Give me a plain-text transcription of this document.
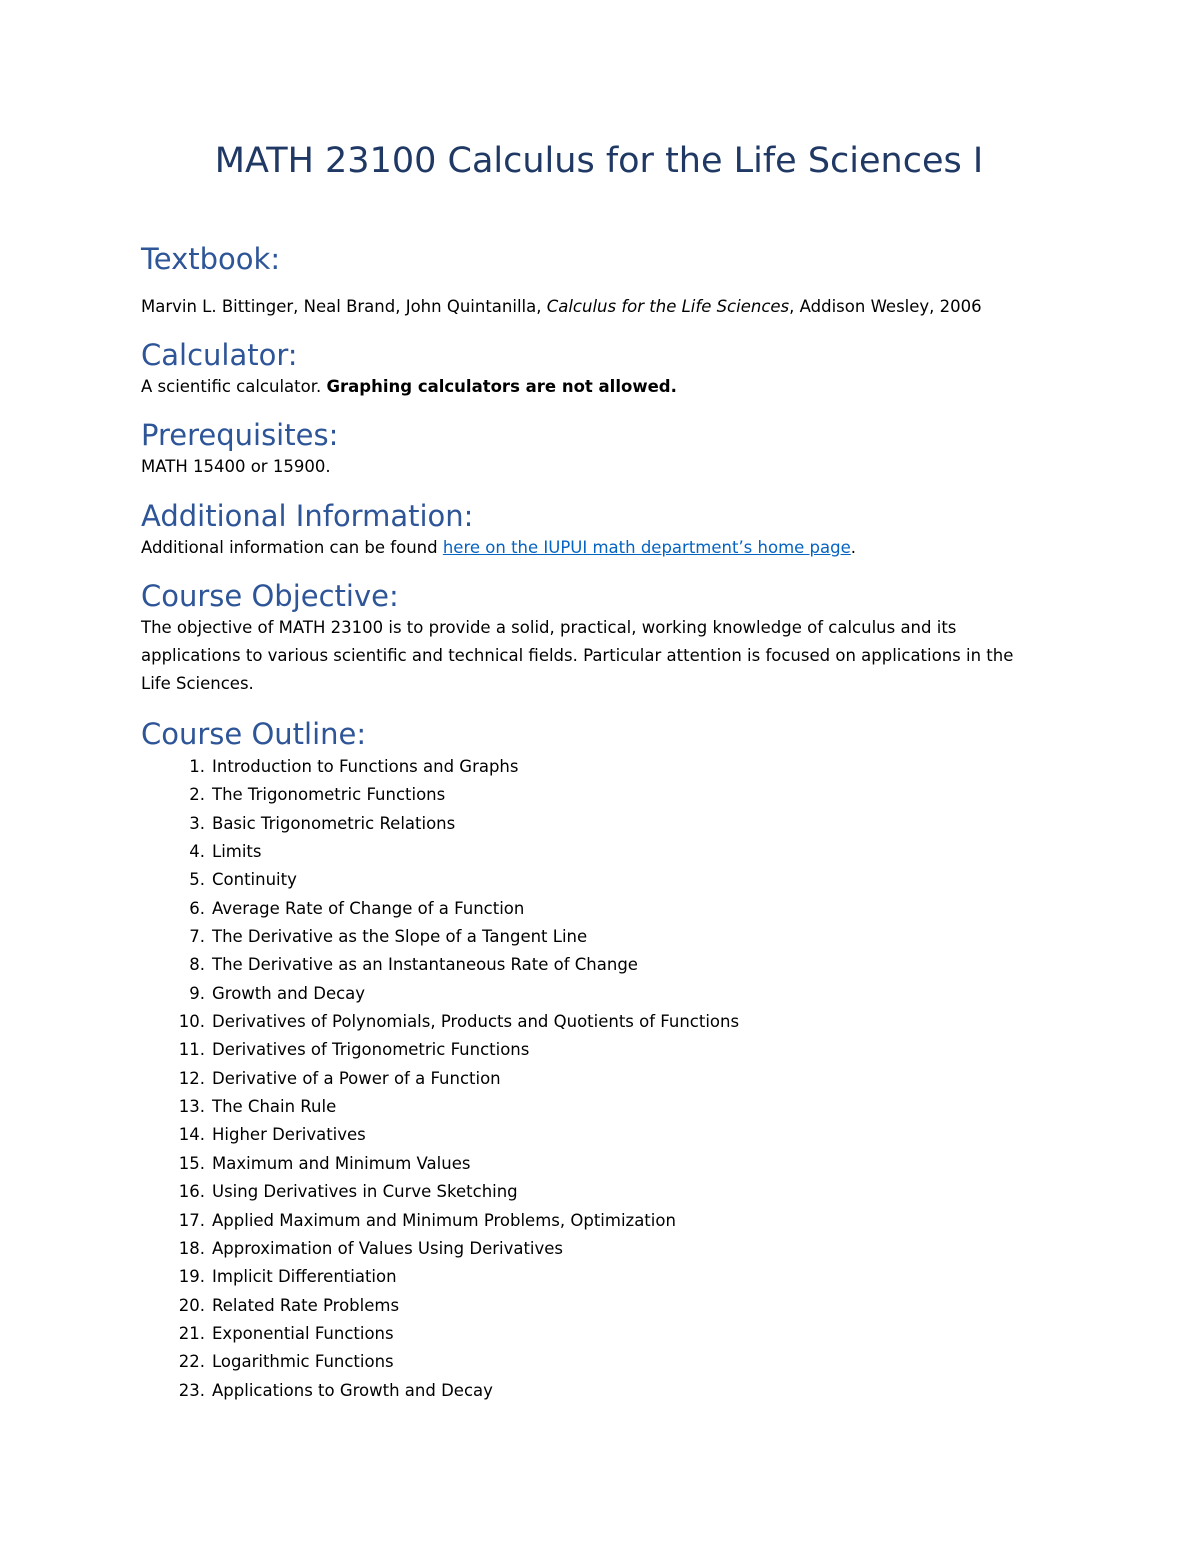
MATH 23100 Calculus for the Life Sciences I
Textbook:

Marvin L. Bittinger, Neal Brand, John Quintanilla, Calculus for the Life Sciences, Addison Wesley, 2006

Calculator:

A scientific calculator. Graphing calculators are not allowed.

Prerequisites:

MATH 15400 or 15900.

Additional Information:

Additional information can be found here on the IUPUI math department’s home page.

Course Objective:

The objective of MATH 23100 is to provide a solid, practical, working knowledge of calculus and its

applications to various scientific and technical fields. Particular attention is focused on applications in the

Life Sciences.

Course Outline:
1. Introduction to Functions and Graphs
2. The Trigonometric Functions
3. Basic Trigonometric Relations
4. Limits
5. Continuity
6. Average Rate of Change of a Function
7. The Derivative as the Slope of a Tangent Line
8. The Derivative as an Instantaneous Rate of Change
9. Growth and Decay
10. Derivatives of Polynomials, Products and Quotients of Functions
11. Derivatives of Trigonometric Functions
12. Derivative of a Power of a Function
13. The Chain Rule
14. Higher Derivatives
15. Maximum and Minimum Values
16. Using Derivatives in Curve Sketching
17. Applied Maximum and Minimum Problems, Optimization
18. Approximation of Values Using Derivatives
19. Implicit Differentiation
20. Related Rate Problems
21. Exponential Functions
22. Logarithmic Functions
23. Applications to Growth and Decay
